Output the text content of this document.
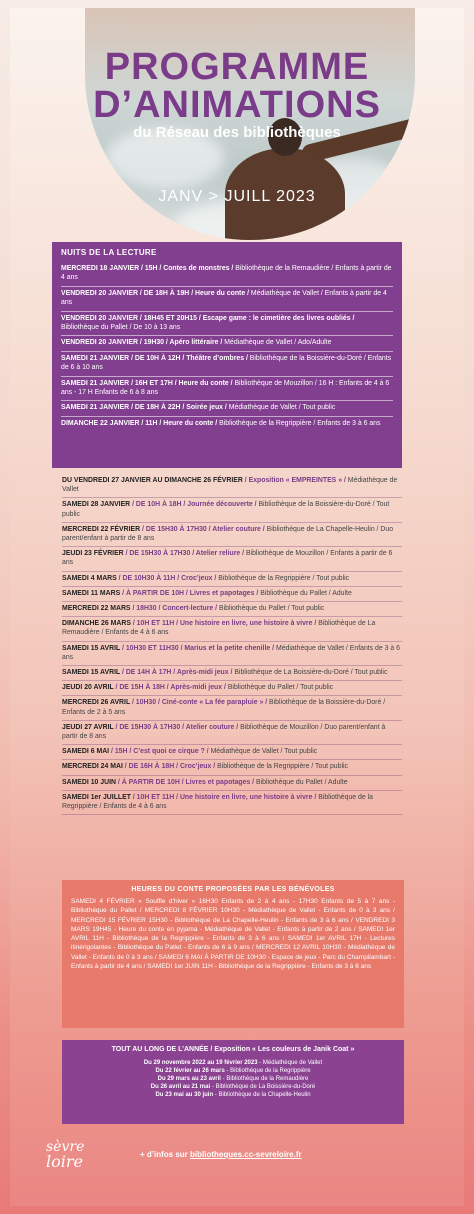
PROGRAMME
D’ANIMATIONS
du Réseau des bibliothèques
JANV > JUILL 2023
NUITS DE LA LECTURE
MERCREDI 18 JANVIER / 15H / Contes de monstres / Bibliothèque de la Remaudière / Enfants à partir de 4 ans
VENDREDI 20 JANVIER / DE 18H À 19H / Heure du conte / Médiathèque de Vallet / Enfants à partir de 4 ans
VENDREDI 20 JANVIER / 18H45 ET 20H15 / Escape game : le cimetière des livres oubliés / Bibliothèque du Pallet / De 10 à 13 ans
VENDREDI 20 JANVIER / 19H30 / Apéro littéraire / Médiathèque de Vallet / Ado/Adulte
SAMEDI 21 JANVIER / DE 10H À 12H / Théâtre d’ombres / Bibliothèque de la Boissière-du-Doré / Enfants de 6 à 10 ans
SAMEDI 21 JANVIER / 16H ET 17H / Heure du conte / Bibliothèque de Mouzillon / 16 H : Enfants de 4 à 6 ans - 17 H Enfants de 6 à 8 ans
SAMEDI 21 JANVIER / DE 18H À 22H / Soirée jeux / Médiathèque de Vallet / Tout public
DIMANCHE 22 JANVIER / 11H / Heure du conte / Bibliothèque de la Regrippière / Enfants de 3 à 6 ans
DU VENDREDI 27 JANVIER AU DIMANCHE 26 FÉVRIER / Exposition « EMPREINTES » / Médiathèque de Vallet
SAMEDI 28 JANVIER / DE 10H À 18H / Journée découverte / Bibliothèque de la Boissière-du-Doré / Tout public
MERCREDI 22 FÉVRIER / DE 15H30 À 17H30 / Atelier couture / Bibliothèque de La Chapelle-Heulin / Duo parent/enfant à partir de 8 ans
JEUDI 23 FÉVRIER / DE 15H30 À 17H30 / Atelier reliure / Bibliothèque de Mouzillon / Enfants à partir de 6 ans
SAMEDI 4 MARS / DE 10H30 À 11H / Croc’jeux / Bibliothèque de la Regrippière / Tout public
SAMEDI 11 MARS / À PARTIR DE 10H / Livres et papotages / Bibliothèque du Pallet / Adulte
MERCREDI 22 MARS / 18H30 / Concert-lecture / Bibliothèque du Pallet / Tout public
DIMANCHE 26 MARS / 10H ET 11H / Une histoire en livre, une histoire à vivre / Bibliothèque de La Remaudière / Enfants de 4 à 6 ans
SAMEDI 15 AVRIL / 10H30 ET 11H30 / Marius et la petite chenille / Médiathèque de Vallet / Enfants de 3 à 6 ans
SAMEDI 15 AVRIL / DE 14H À 17H / Après-midi jeux / Bibliothèque de La Boissière-du-Doré / Tout public
JEUDI 20 AVRIL / DE 15H À 18H / Après-midi jeux / Bibliothèque du Pallet / Tout public
MERCREDI 26 AVRIL / 10H30 / Ciné-conte « La fée parapluie » / Bibliothèque de la Boissière-du-Doré / Enfants de 2 à 5 ans
JEUDI 27 AVRIL / DE 15H30 À 17H30 / Atelier couture / Bibliothèque de Mouzillon / Duo parent/enfant à partir de 8 ans
SAMEDI 6 MAI / 15H / C’est quoi ce cirque ? / Médiathèque de Vallet / Tout public
MERCREDI 24 MAI / DE 16H À 18H / Croc’jeux / Bibliothèque de la Regrippière / Tout public
SAMEDI 10 JUIN / À PARTIR DE 10H / Livres et papotages / Bibliothèque du Pallet / Adulte
SAMEDI 1er JUILLET / 10H ET 11H / Une histoire en livre, une histoire à vivre / Bibliothèque de la Regrippière / Enfants de 4 à 6 ans
HEURES DU CONTE PROPOSÉES PAR LES BÉNÉVOLES
SAMEDI 4 FÉVRIER « Souffle d’hiver » 16H30 Enfants de 2 à 4 ans - 17H30 Enfants de 5 à 7 ans - Bibliothèque du Pallet / MERCREDI 8 FÉVRIER 10H30 - Médiathèque de Vallet - Enfants de 0 à 3 ans / MERCREDI 15 FÉVRIER 15H30 - Bibliothèque de La Chapelle-Heulin - Enfants de 3 à 6 ans / VENDREDI 3 MARS 19H45 - Heure du conte en pyjama - Médiathèque de Vallet - Enfants à partir de 2 ans / SAMEDI 1er AVRIL 11H - Bibliothèque de la Regrippière - Enfants de 3 à 6 ans / SAMEDI 1er AVRIL 17H - Lectures itinérigolantes - Bibliothèque du Pallet - Enfants de 6 à 9 ans / MERCREDI 12 AVRIL 10H30 - Médiathèque de Vallet - Enfants de 0 à 3 ans / SAMEDI 6 MAI À PARTIR DE 10H30 - Espace de jeux - Parc du Champilambart - Enfants à partir de 4 ans / SAMEDI 1er JUIN 11H - Bibliothèque de la Regrippière - Enfants de 3 à 6 ans
TOUT AU LONG DE L’ANNÉE / Exposition « Les couleurs de Janik Coat »
Du 29 novembre 2022 au 19 février 2023 - Médiathèque de Vallet
Du 22 février au 26 mars - Bibliothèque de la Regrippière
Du 29 mars au 23 avril - Bibliothèque de la Remaudière
Du 26 avril au 21 mai - Bibliothèque de La Boissière-du-Doré
Du 23 mai au 30 juin - Bibliothèque de la Chapelle-Heulin
sèvre
loire	+ d’infos sur bibliotheques.cc-sevreloire.fr
